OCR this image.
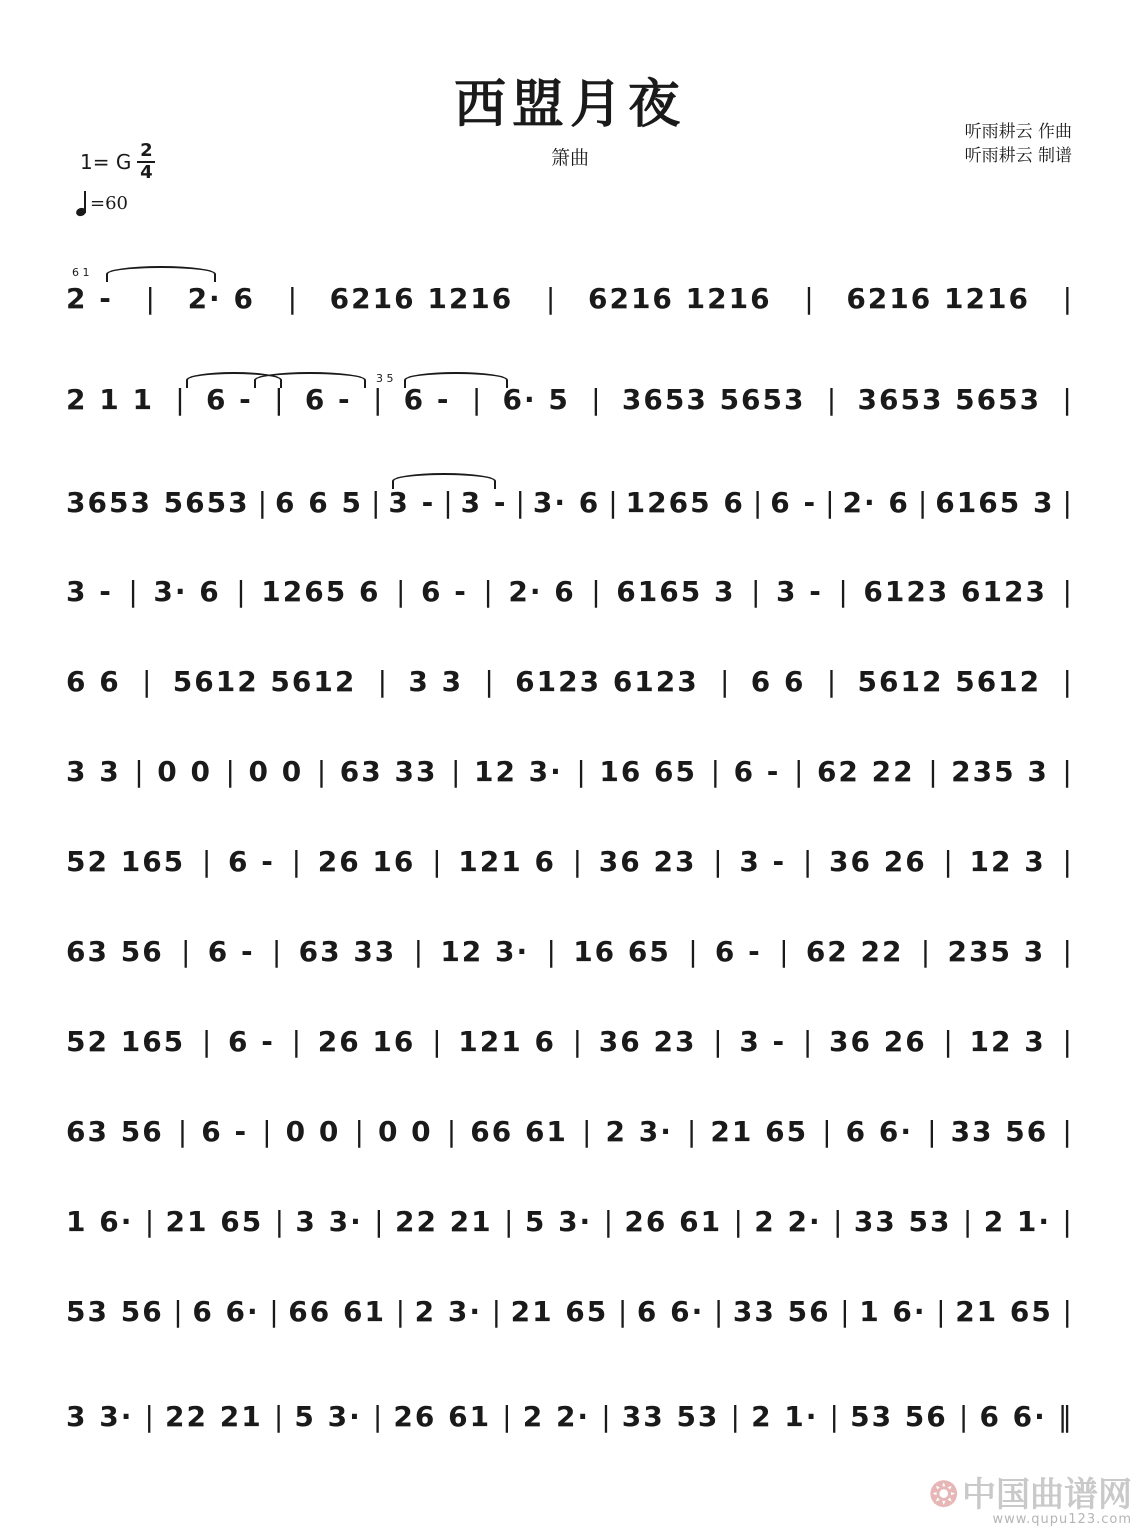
西盟月夜
箫曲
听雨耕云 作曲
听雨耕云 制谱
1= G 2
4
=60
2 - | 2· 6 | 6216 1216 | 6216 1216 | 6216 1216 |
2 1 1 | 6 - | 6 - | 6 - | 6· 5 | 3653 5653 | 3653 5653 |
3653 5653 | 6 6 5 | 3 - | 3 - | 3· 6 | 1265 6 | 6 - | 2· 6 | 6165 3 |
3 - | 3· 6 | 1265 6 | 6 - | 2· 6 | 6165 3 | 3 - | 6123 6123 |
6 6 | 5612 5612 | 3 3 | 6123 6123 | 6 6 | 5612 5612 |
3 3 | 0 0 | 0 0 | 63 33 | 12 3· | 16 65 | 6 - | 62 22 | 235 3 |
52 165 | 6 - | 26 16 | 121 6 | 36 23 | 3 - | 36 26 | 12 3 |
63 56 | 6 - | 63 33 | 12 3· | 16 65 | 6 - | 62 22 | 235 3 |
52 165 | 6 - | 26 16 | 121 6 | 36 23 | 3 - | 36 26 | 12 3 |
63 56 | 6 - | 0 0 | 0 0 | 66 61 | 2 3· | 21 65 | 6 6· | 33 56 |
1 6· | 21 65 | 3 3· | 22 21 | 5 3· | 26 61 | 2 2· | 33 53 | 2 1· |
53 56 | 6 6· | 66 61 | 2 3· | 21 65 | 6 6· | 33 56 | 1 6· | 21 65 |
3 3· | 22 21 | 5 3· | 26 61 | 2 2· | 33 53 | 2 1· | 53 56 | 6 6· ‖
6 1
3 5
❂ 中国曲谱网
www.qupu123.com
